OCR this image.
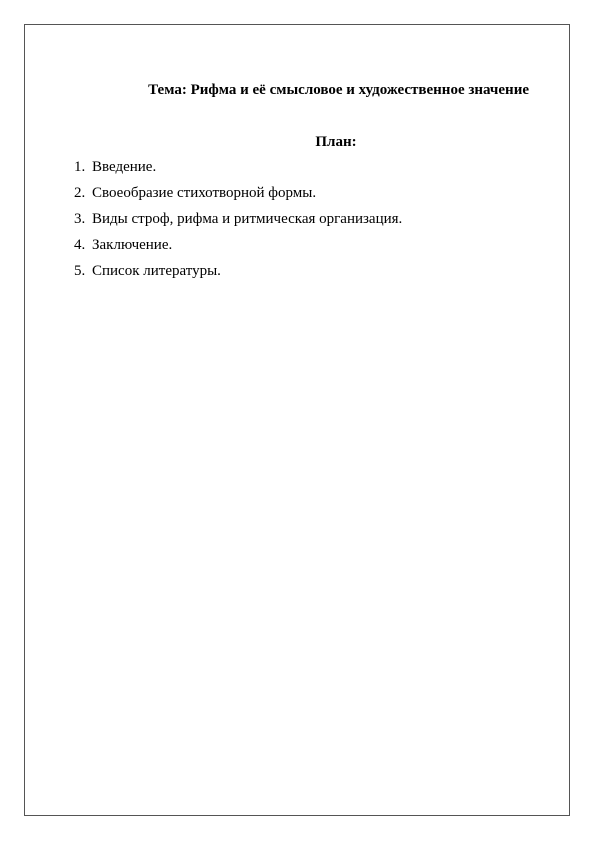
Тема: Рифма и её смысловое и художественное значение
План:
1. Введение.
2. Своеобразие стихотворной формы.
3. Виды строф, рифма и ритмическая организация.
4. Заключение.
5. Список литературы.
